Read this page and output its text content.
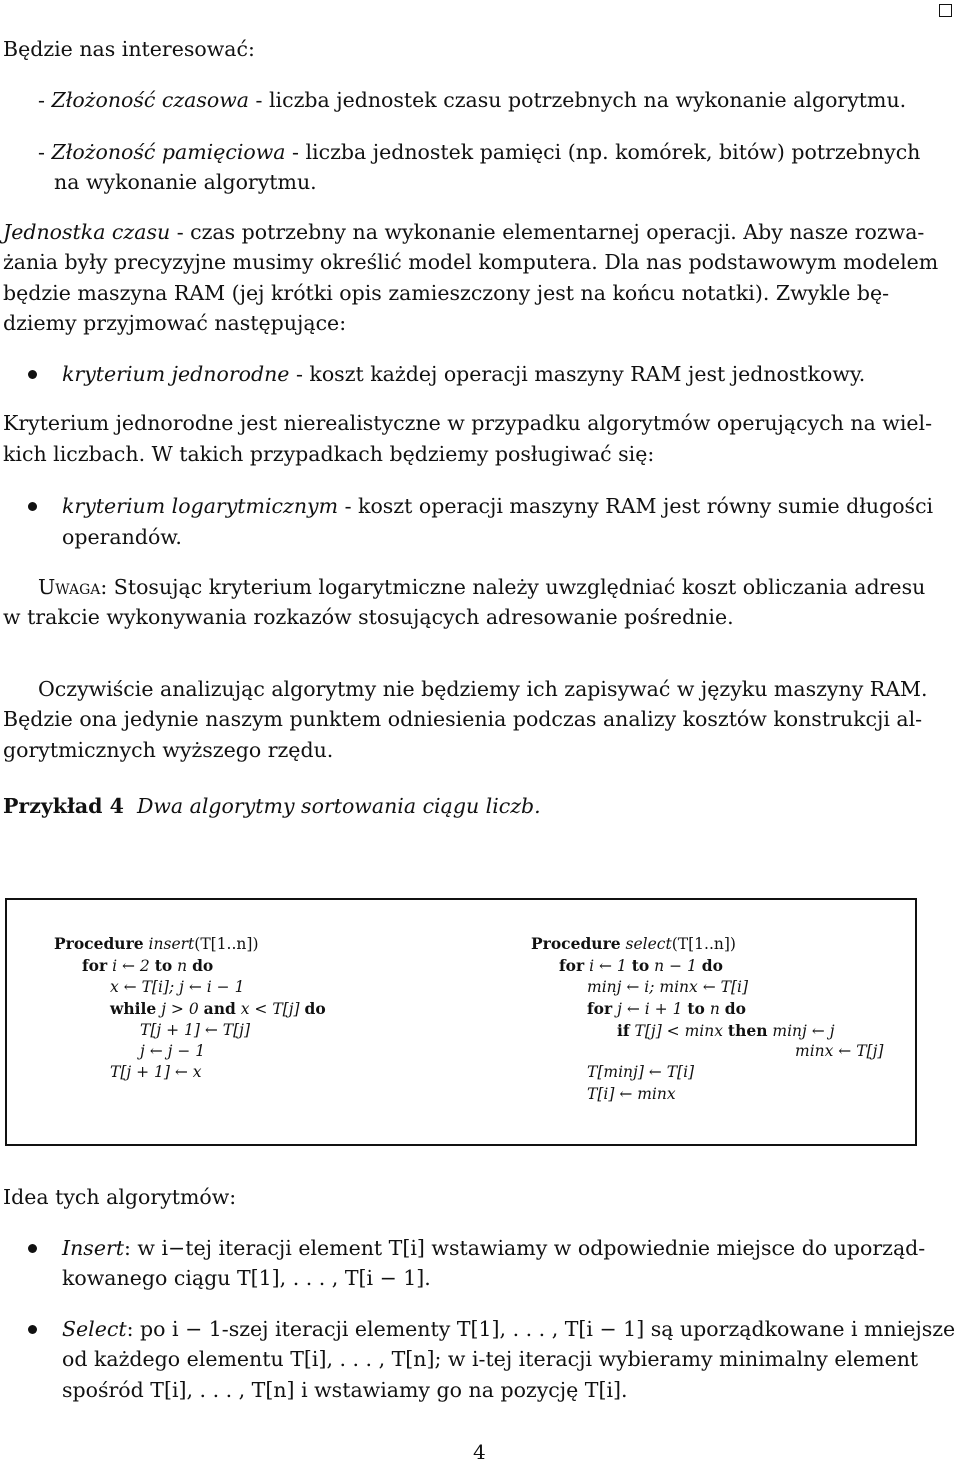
Będzie nas interesować:
- Złożoność czasowa - liczba jednostek czasu potrzebnych na wykonanie algorytmu.
- Złożoność pamięciowa - liczba jednostek pamięci (np. komórek, bitów) potrzebnych
na wykonanie algorytmu.
Jednostka czasu - czas potrzebny na wykonanie elementarnej operacji. Aby nasze rozwa-
żania były precyzyjne musimy określić model komputera. Dla nas podstawowym modelem
będzie maszyna RAM (jej krótki opis zamieszczony jest na końcu notatki). Zwykle bę-
dziemy przyjmować następujące:
kryterium jednorodne - koszt każdej operacji maszyny RAM jest jednostkowy.
Kryterium jednorodne jest nierealistyczne w przypadku algorytmów operujących na wiel-
kich liczbach. W takich przypadkach będziemy posługiwać się:
kryterium logarytmicznym - koszt operacji maszyny RAM jest równy sumie długości
operandów.
Uwaga: Stosując kryterium logarytmiczne należy uwzględniać koszt obliczania adresu
w trakcie wykonywania rozkazów stosujących adresowanie pośrednie.
Oczywiście analizując algorytmy nie będziemy ich zapisywać w języku maszyny RAM.
Będzie ona jedynie naszym punktem odniesienia podczas analizy kosztów konstrukcji al-
gorytmicznych wyższego rzędu.
Przykład 4 Dwa algorytmy sortowania ciągu liczb.
Procedure insert(T[1..n])
for i ← 2 to n do
x ← T[i]; j ← i − 1
while j > 0 and x < T[j] do
T[j + 1] ← T[j]
j ← j − 1
T[j + 1] ← x
Procedure select(T[1..n])
for i ← 1 to n − 1 do
minj ← i; minx ← T[i]
for j ← i + 1 to n do
if T[j] < minx then minj ← j
minx ← T[j]
T[minj] ← T[i]
T[i] ← minx
Idea tych algorytmów:
Insert: w i−tej iteracji element T[i] wstawiamy w odpowiednie miejsce do uporząd-
kowanego ciągu T[1], . . . , T[i − 1].
Select: po i − 1-szej iteracji elementy T[1], . . . , T[i − 1] są uporządkowane i mniejsze
od każdego elementu T[i], . . . , T[n]; w i-tej iteracji wybieramy minimalny element
spośród T[i], . . . , T[n] i wstawiamy go na pozycję T[i].
4
